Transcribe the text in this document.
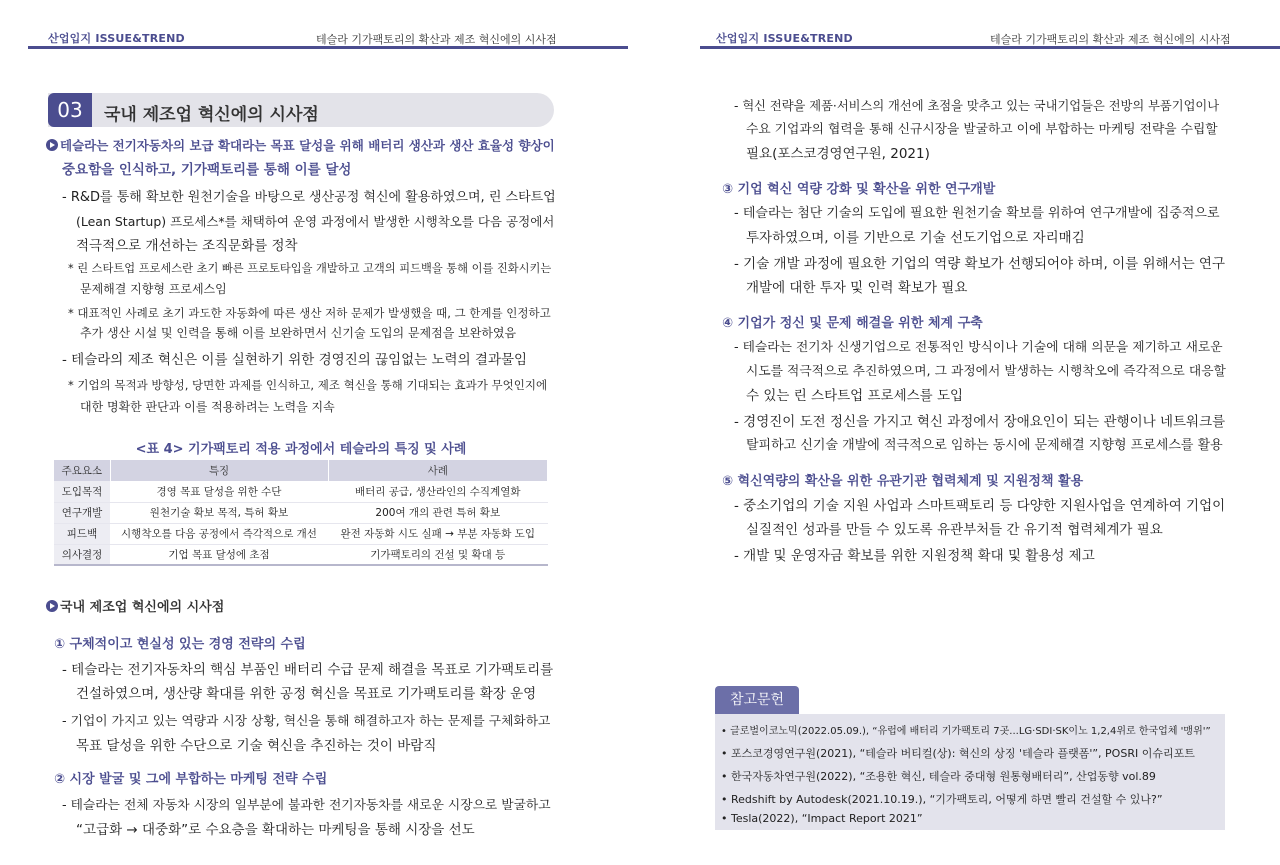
산업입지 ISSUE&TREND	테슬라 기가팩토리의 확산과 제조 혁신에의 시사점
03	국내 제조업 혁신에의 시사점
테슬라는 전기자동차의 보급 확대라는 목표 달성을 위해 배터리 생산과 생산 효율성 향상이
중요함을 인식하고, 기가팩토리를 통해 이를 달성
- R&D를 통해 확보한 원천기술을 바탕으로 생산공정 혁신에 활용하였으며, 린 스타트업
(Lean Startup) 프로세스*를 채택하여 운영 과정에서 발생한 시행착오를 다음 공정에서
적극적으로 개선하는 조직문화를 정착
* 린 스타트업 프로세스란 초기 빠른 프로토타입을 개발하고 고객의 피드백을 통해 이를 진화시키는
문제해결 지향형 프로세스임
* 대표적인 사례로 초기 과도한 자동화에 따른 생산 저하 문제가 발생했을 때, 그 한계를 인정하고
추가 생산 시설 및 인력을 통해 이를 보완하면서 신기술 도입의 문제점을 보완하였음
- 테슬라의 제조 혁신은 이를 실현하기 위한 경영진의 끊임없는 노력의 결과물임
* 기업의 목적과 방향성, 당면한 과제를 인식하고, 제조 혁신을 통해 기대되는 효과가 무엇인지에
대한 명확한 판단과 이를 적용하려는 노력을 지속
<표 4> 기가팩토리 적용 과정에서 테슬라의 특징 및 사례
주요요소	특징	사례
도입목적	경영 목표 달성을 위한 수단	배터리 공급, 생산라인의 수직계열화
연구개발	원천기술 확보 목적, 특허 확보	200여 개의 관련 특허 확보
피드백	시행착오를 다음 공정에서 즉각적으로 개선	완전 자동화 시도 실패 → 부분 자동화 도입
의사결정	기업 목표 달성에 초점	기가팩토리의 건설 및 확대 등
국내 제조업 혁신에의 시사점
① 구체적이고 현실성 있는 경영 전략의 수립
- 테슬라는 전기자동차의 핵심 부품인 배터리 수급 문제 해결을 목표로 기가팩토리를
건설하였으며, 생산량 확대를 위한 공정 혁신을 목표로 기가팩토리를 확장 운영
- 기업이 가지고 있는 역량과 시장 상황, 혁신을 통해 해결하고자 하는 문제를 구체화하고
목표 달성을 위한 수단으로 기술 혁신을 추진하는 것이 바람직
② 시장 발굴 및 그에 부합하는 마케팅 전략 수립
- 테슬라는 전체 자동차 시장의 일부분에 불과한 전기자동차를 새로운 시장으로 발굴하고
“고급화 → 대중화”로 수요층을 확대하는 마케팅을 통해 시장을 선도
산업입지 ISSUE&TREND	테슬라 기가팩토리의 확산과 제조 혁신에의 시사점
- 혁신 전략을 제품·서비스의 개선에 초점을 맞추고 있는 국내기업들은 전방의 부품기업이나
수요 기업과의 협력을 통해 신규시장을 발굴하고 이에 부합하는 마케팅 전략을 수립할
필요(포스코경영연구원, 2021)
③ 기업 혁신 역량 강화 및 확산을 위한 연구개발
- 테슬라는 첨단 기술의 도입에 필요한 원천기술 확보를 위하여 연구개발에 집중적으로
투자하였으며, 이를 기반으로 기술 선도기업으로 자리매김
- 기술 개발 과정에 필요한 기업의 역량 확보가 선행되어야 하며, 이를 위해서는 연구
개발에 대한 투자 및 인력 확보가 필요
④ 기업가 정신 및 문제 해결을 위한 체계 구축
- 테슬라는 전기차 신생기업으로 전통적인 방식이나 기술에 대해 의문을 제기하고 새로운
시도를 적극적으로 추진하였으며, 그 과정에서 발생하는 시행착오에 즉각적으로 대응할
수 있는 린 스타트업 프로세스를 도입
- 경영진이 도전 정신을 가지고 혁신 과정에서 장애요인이 되는 관행이나 네트워크를
탈피하고 신기술 개발에 적극적으로 임하는 동시에 문제해결 지향형 프로세스를 활용
⑤ 혁신역량의 확산을 위한 유관기관 협력체계 및 지원정책 활용
- 중소기업의 기술 지원 사업과 스마트팩토리 등 다양한 지원사업을 연계하여 기업이
실질적인 성과를 만들 수 있도록 유관부처들 간 유기적 협력체계가 필요
- 개발 및 운영자금 확보를 위한 지원정책 확대 및 활용성 제고
참고문헌
• 글로벌이코노믹(2022.05.09.), “유럽에 배터리 기가팩토리 7곳...LG·SDI·SK이노 1,2,4위로 한국업체 '맹위'”
• 포스코경영연구원(2021), “테슬라 버티컬(상): 혁신의 상징 '테슬라 플랫폼'”, POSRI 이슈리포트
• 한국자동차연구원(2022), “조용한 혁신, 테슬라 중대형 원통형배터리”, 산업동향 vol.89
• Redshift by Autodesk(2021.10.19.), “기가팩토리, 어떻게 하면 빨리 건설할 수 있나?”
• Tesla(2022), “Impact Report 2021”
